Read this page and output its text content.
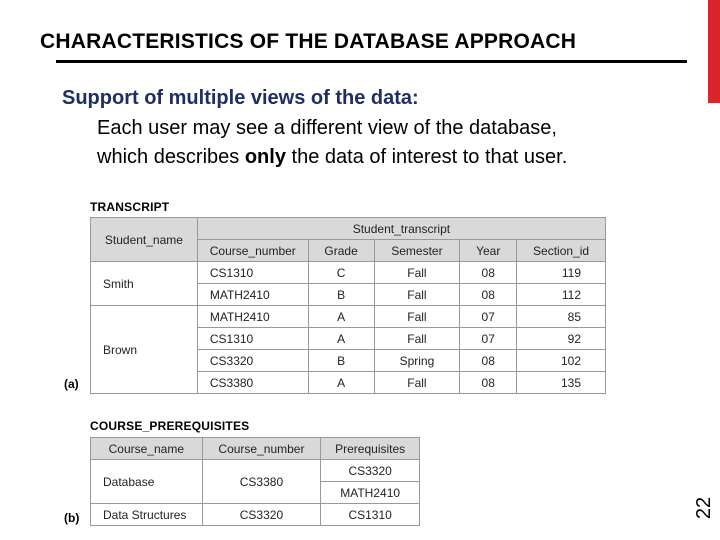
CHARACTERISTICS OF THE DATABASE APPROACH
Support of multiple views of the data:
Each user may see a different view of the database,
which describes only the data of interest to that user.
TRANSCRIPT
(a)
Student_name	Student_transcript				
	Course_number	Grade	Semester	Year	Section_id
Smith	CS1310	C	Fall	08	119
	MATH2410	B	Fall	08	112
Brown	MATH2410	A	Fall	07	85
	CS1310	A	Fall	07	92
	CS3320	B	Spring	08	102
	CS3380	A	Fall	08	135
COURSE_PREREQUISITES
(b)
Course_name	Course_number	Prerequisites
Database	CS3380	CS3320
		MATH2410
Data Structures	CS3320	CS1310	22
